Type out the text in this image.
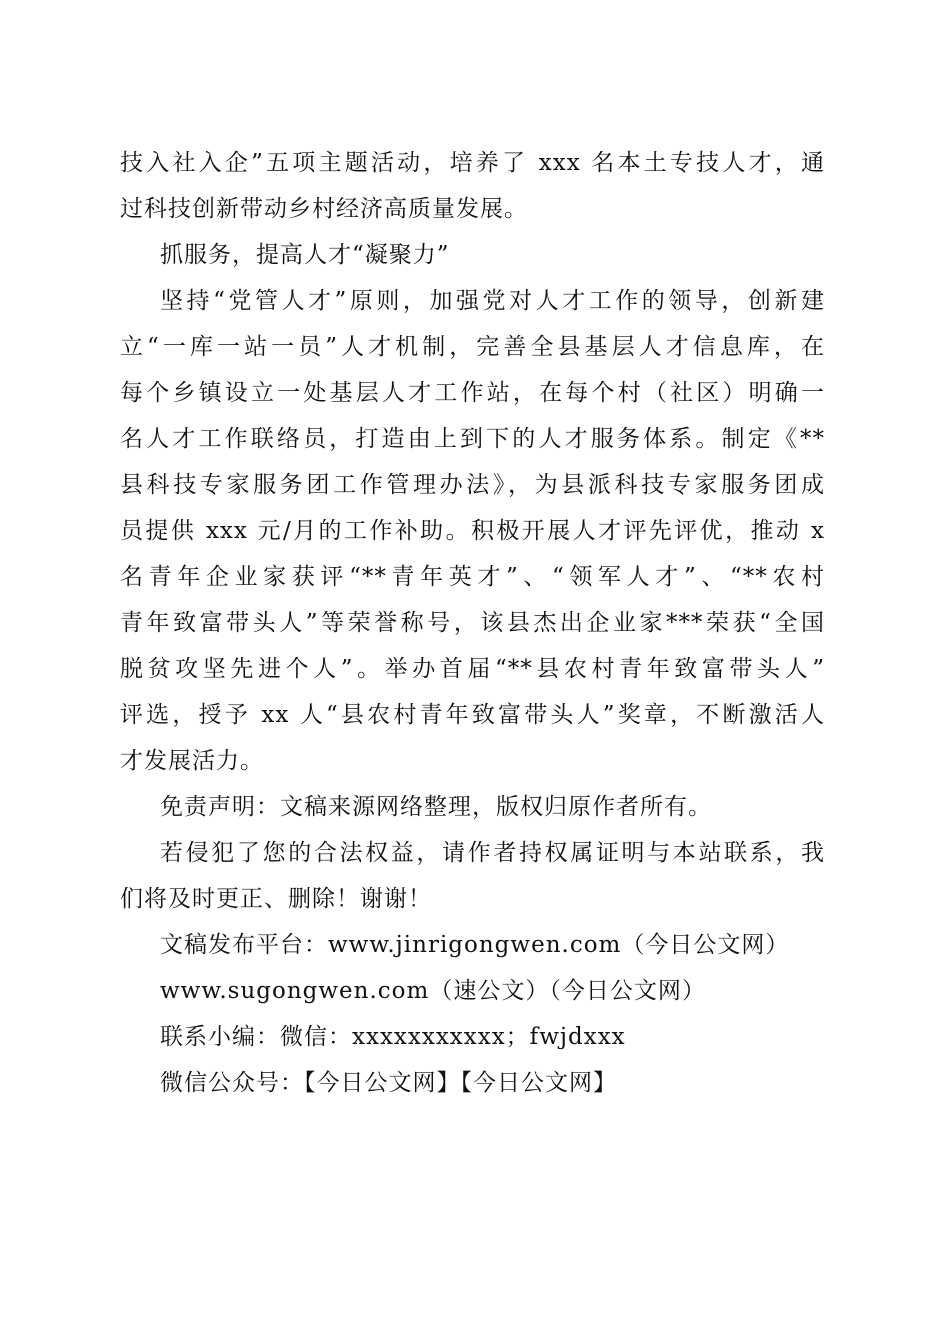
技入社入企”五项主题活动，培养了 xxx 名本土专技人才，通
过科技创新带动乡村经济高质量发展。

抓服务，提高人才“凝聚力”

坚持“党管人才”原则，加强党对人才工作的领导，创新建
立“一库一站一员”人才机制，完善全县基层人才信息库，在
每个乡镇设立一处基层人才工作站，在每个村（社区）明确一
名人才工作联络员，打造由上到下的人才服务体系。制定《**
县科技专家服务团工作管理办法》，为县派科技专家服务团成
员提供 xxx 元/月的工作补助。积极开展人才评先评优，推动 x
名青年企业家获评“**青年英才”、“领军人才”、“**农村
青年致富带头人”等荣誉称号，该县杰出企业家***荣获“全国
脱贫攻坚先进个人”。举办首届“**县农村青年致富带头人”
评选，授予 xx 人“县农村青年致富带头人”奖章，不断激活人
才发展活力。

免责声明：文稿来源网络整理，版权归原作者所有。

若侵犯了您的合法权益，请作者持权属证明与本站联系，我
们将及时更正、删除！谢谢！

文稿发布平台：www.jinrigongwen.com（今日公文网）

www.sugongwen.com（速公文）（今日公文网）

联系小编：微信：xxxxxxxxxxx；fwjdxxx

微信公众号：【今日公文网】【今日公文网】
